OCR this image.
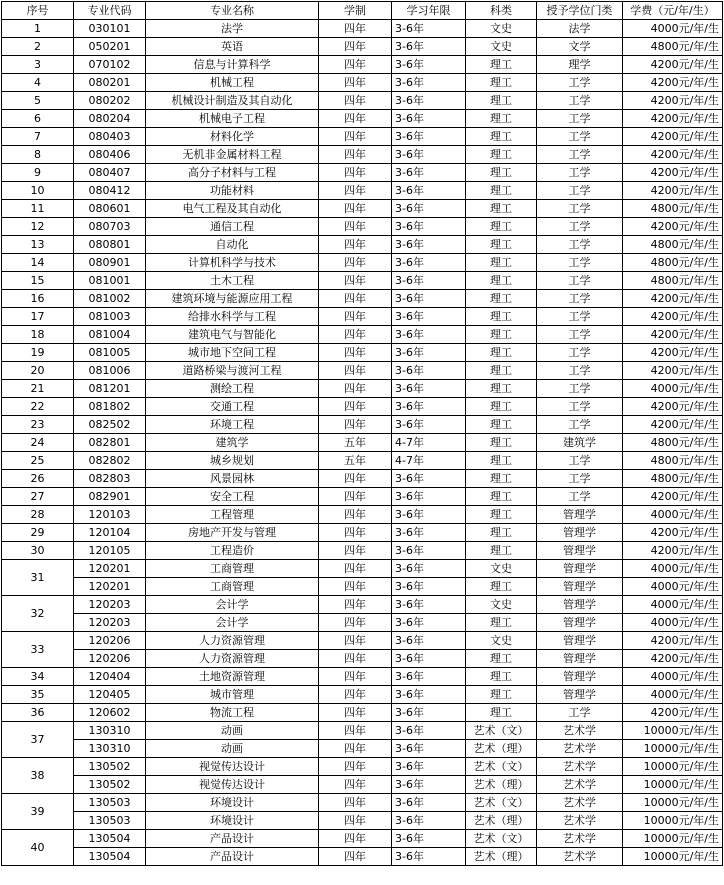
序号	专业代码	专业名称	学制	学习年限	科类	授予学位门类	学费（元/年/生）
1	030101	法学	四年	3-6年	文史	法学	4000元/年/生
2	050201	英语	四年	3-6年	文史	文学	4800元/年/生
3	070102	信息与计算科学	四年	3-6年	理工	理学	4200元/年/生
4	080201	机械工程	四年	3-6年	理工	工学	4200元/年/生
5	080202	机械设计制造及其自动化	四年	3-6年	理工	工学	4200元/年/生
6	080204	机械电子工程	四年	3-6年	理工	工学	4200元/年/生
7	080403	材料化学	四年	3-6年	理工	工学	4200元/年/生
8	080406	无机非金属材料工程	四年	3-6年	理工	工学	4200元/年/生
9	080407	高分子材料与工程	四年	3-6年	理工	工学	4200元/年/生
10	080412	功能材料	四年	3-6年	理工	工学	4200元/年/生
11	080601	电气工程及其自动化	四年	3-6年	理工	工学	4800元/年/生
12	080703	通信工程	四年	3-6年	理工	工学	4200元/年/生
13	080801	自动化	四年	3-6年	理工	工学	4800元/年/生
14	080901	计算机科学与技术	四年	3-6年	理工	工学	4800元/年/生
15	081001	土木工程	四年	3-6年	理工	工学	4800元/年/生
16	081002	建筑环境与能源应用工程	四年	3-6年	理工	工学	4200元/年/生
17	081003	给排水科学与工程	四年	3-6年	理工	工学	4200元/年/生
18	081004	建筑电气与智能化	四年	3-6年	理工	工学	4200元/年/生
19	081005	城市地下空间工程	四年	3-6年	理工	工学	4200元/年/生
20	081006	道路桥梁与渡河工程	四年	3-6年	理工	工学	4200元/年/生
21	081201	测绘工程	四年	3-6年	理工	工学	4000元/年/生
22	081802	交通工程	四年	3-6年	理工	工学	4200元/年/生
23	082502	环境工程	四年	3-6年	理工	工学	4200元/年/生
24	082801	建筑学	五年	4-7年	理工	建筑学	4800元/年/生
25	082802	城乡规划	五年	4-7年	理工	工学	4800元/年/生
26	082803	风景园林	四年	3-6年	理工	工学	4800元/年/生
27	082901	安全工程	四年	3-6年	理工	工学	4200元/年/生
28	120103	工程管理	四年	3-6年	理工	管理学	4000元/年/生
29	120104	房地产开发与管理	四年	3-6年	理工	管理学	4200元/年/生
30	120105	工程造价	四年	3-6年	理工	管理学	4200元/年/生
31	120201	工商管理	四年	3-6年	文史	管理学	4000元/年/生
	120201	工商管理	四年	3-6年	理工	管理学	4000元/年/生
32	120203	会计学	四年	3-6年	文史	管理学	4000元/年/生
	120203	会计学	四年	3-6年	理工	管理学	4000元/年/生
33	120206	人力资源管理	四年	3-6年	文史	管理学	4200元/年/生
	120206	人力资源管理	四年	3-6年	理工	管理学	4200元/年/生
34	120404	土地资源管理	四年	3-6年	理工	管理学	4000元/年/生
35	120405	城市管理	四年	3-6年	理工	管理学	4000元/年/生
36	120602	物流工程	四年	3-6年	理工	工学	4200元/年/生
37	130310	动画	四年	3-6年	艺术（文）	艺术学	10000元/年/生
	130310	动画	四年	3-6年	艺术（理）	艺术学	10000元/年/生
38	130502	视觉传达设计	四年	3-6年	艺术（文）	艺术学	10000元/年/生
	130502	视觉传达设计	四年	3-6年	艺术（理）	艺术学	10000元/年/生
39	130503	环境设计	四年	3-6年	艺术（文）	艺术学	10000元/年/生
	130503	环境设计	四年	3-6年	艺术（理）	艺术学	10000元/年/生
40	130504	产品设计	四年	3-6年	艺术（文）	艺术学	10000元/年/生
	130504	产品设计	四年	3-6年	艺术（理）	艺术学	10000元/年/生
